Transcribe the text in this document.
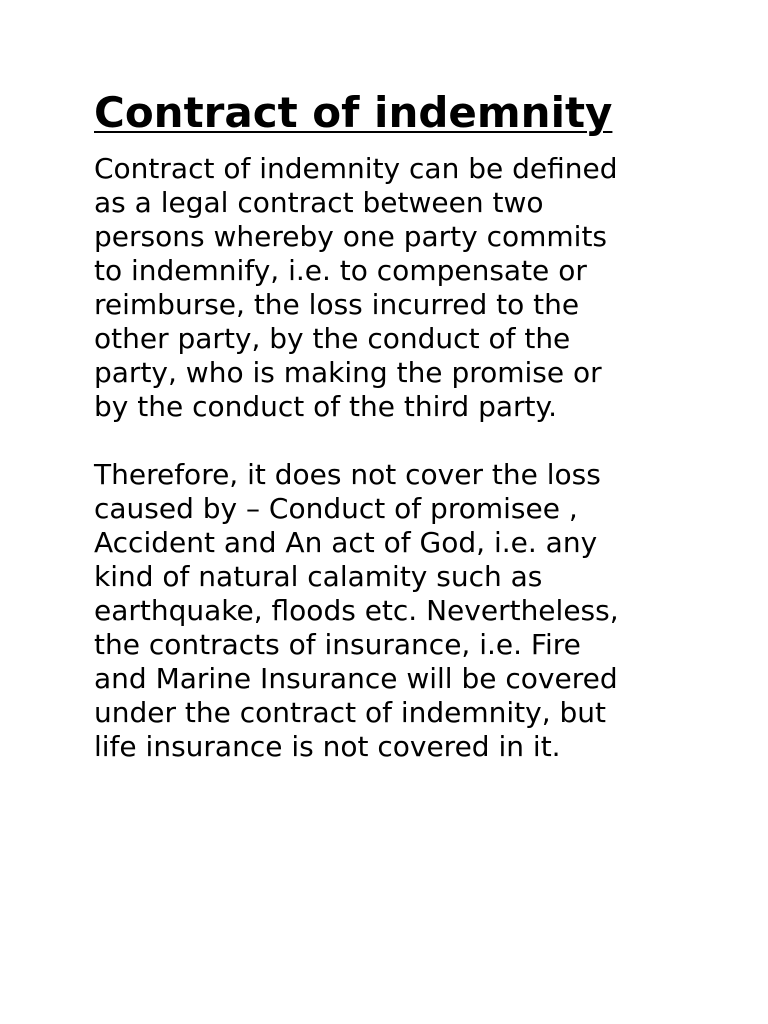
Contract of indemnity

Contract of indemnity can be defined
as a legal contract between two
persons whereby one party commits
to indemnify, i.e. to compensate or
reimburse, the loss incurred to the
other party, by the conduct of the
party, who is making the promise or
by the conduct of the third party.

Therefore, it does not cover the loss
caused by – Conduct of promisee ,
Accident and An act of God, i.e. any
kind of natural calamity such as
earthquake, floods etc. Nevertheless,
the contracts of insurance, i.e. Fire
and Marine Insurance will be covered
under the contract of indemnity, but
life insurance is not covered in it.
